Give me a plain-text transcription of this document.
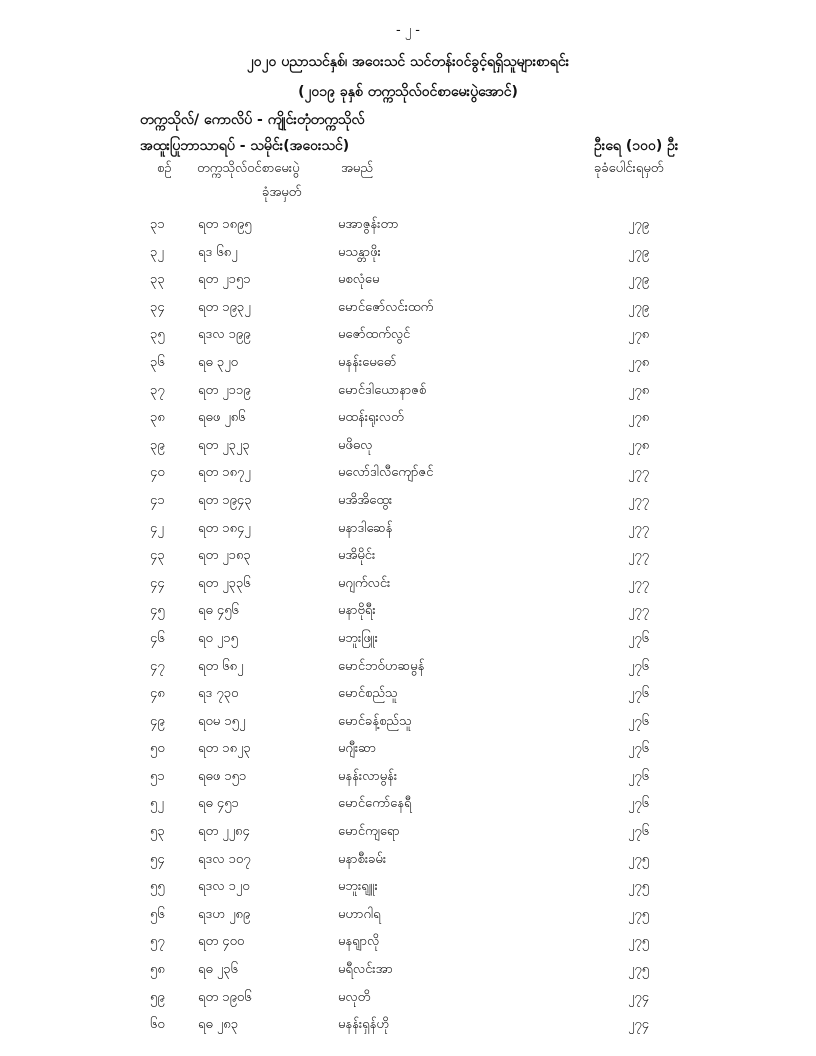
- ၂ -
၂၀၂၀ ပညာသင်နှစ်၊ အဝေးသင် သင်တန်းဝင်ခွင့်ရရှိသူများစာရင်း
(၂၀၁၉ ခုနှစ် တက္ကသိုလ်ဝင်စာမေးပွဲအောင်)
တက္ကသိုလ်/ ကောလိပ် - ကျိုင်းတုံတက္ကသိုလ်
အထူးပြုဘာသာရပ် - သမိုင်း(အဝေးသင်)	ဦးရေ (၁၀၀) ဦး
စဉ် တက္ကသိုလ်ဝင်စာမေးပွဲ
ခုံအမှတ်
အမည်	ခုခံပေါင်းရမှတ်
၃၁	ရတ ၁၈၉၅	မအာဇွန်းတာ	၂၇၉
၃၂	ရဒ ၆၈၂	မသန္တာဖိုး	၂၇၉
၃၃	ရတ ၂၁၅၁	မစလုံမေ	၂၇၉
၃၄	ရတ ၁၉၃၂	မောင်ဇော်လင်းထက်	၂၇၉
၃၅	ရဒလ ၁၉၉	မဇော်ထက်လွင်	၂၇၈
၃၆	ရဓ ၃၂၀	မနန်းမေဓော်	၂၇၈
၃၇	ရတ ၂၁၁၉	မောင်ဒါယောနာဇစ်	၂၇၈
၃၈	ရဓဖ ၂၈၆	မထန်းရုးလတ်	၂၇၈
၃၉	ရတ ၂၃၂၃	မဖိဓလု	၂၇၈
၄၀	ရတ ၁၈၇၂	မလော်ဒါလီကျော်ဇင်	၂၇၇
၄၁	ရတ ၁၉၄၃	မအိအိထွေး	၂၇၇
၄၂	ရတ ၁၈၄၂	မနာဒါဆေန်	၂၇၇
၄၃	ရတ ၂၁၈၃	မအိမိုင်း	၂၇၇
၄၄	ရတ ၂၃၃၆	မဂျက်လင်း	၂၇၇
၄၅	ရဓ ၄၅၆	မနာဗိုရီး	၂၇၇
၄၆	ရဝ ၂၁၅	မဘူးဖြူး	၂၇၆
၄၇	ရတ ၆၈၂	မောင်ဘဝ်ဟဆမွန်	၂၇၆
၄၈	ရဒ ၇၃၀	မောင်စည်သူ	၂၇၆
၄၉	ရဝမ ၁၅၂	မောင်ခန့်စည်သူ	၂၇၆
၅၀	ရတ ၁၈၂၃	မဂျီးဆာ	၂၇၆
၅၁	ရဓဖ ၁၅၁	မနန်းလာမွန်း	၂၇၆
၅၂	ရဓ ၄၅၁	မောင်ကော်နေရီ	၂၇၆
၅၃	ရတ ၂၂၈၄	မောင်ကျရော	၂၇၆
၅၄	ရဒလ ၁၀၇	မနာစီးခမ်း	၂၇၅
၅၅	ရဒလ ၁၂၀	မဘူးရျူး	၂၇၅
၅၆	ရဒဟ ၂၈၉	မဟာဂါရ	၂၇၅
၅၇	ရတ ၄၀၀	မနရျာလို	၂၇၅
၅၈	ရဓ ၂၃၆	မရီလင်းအာ	၂၇၅
၅၉	ရတ ၁၉၀၆	မလုတိ	၂၇၄
၆၀	ရဓ ၂၈၃	မနန်းရှန်ဟို	၂၇၄
